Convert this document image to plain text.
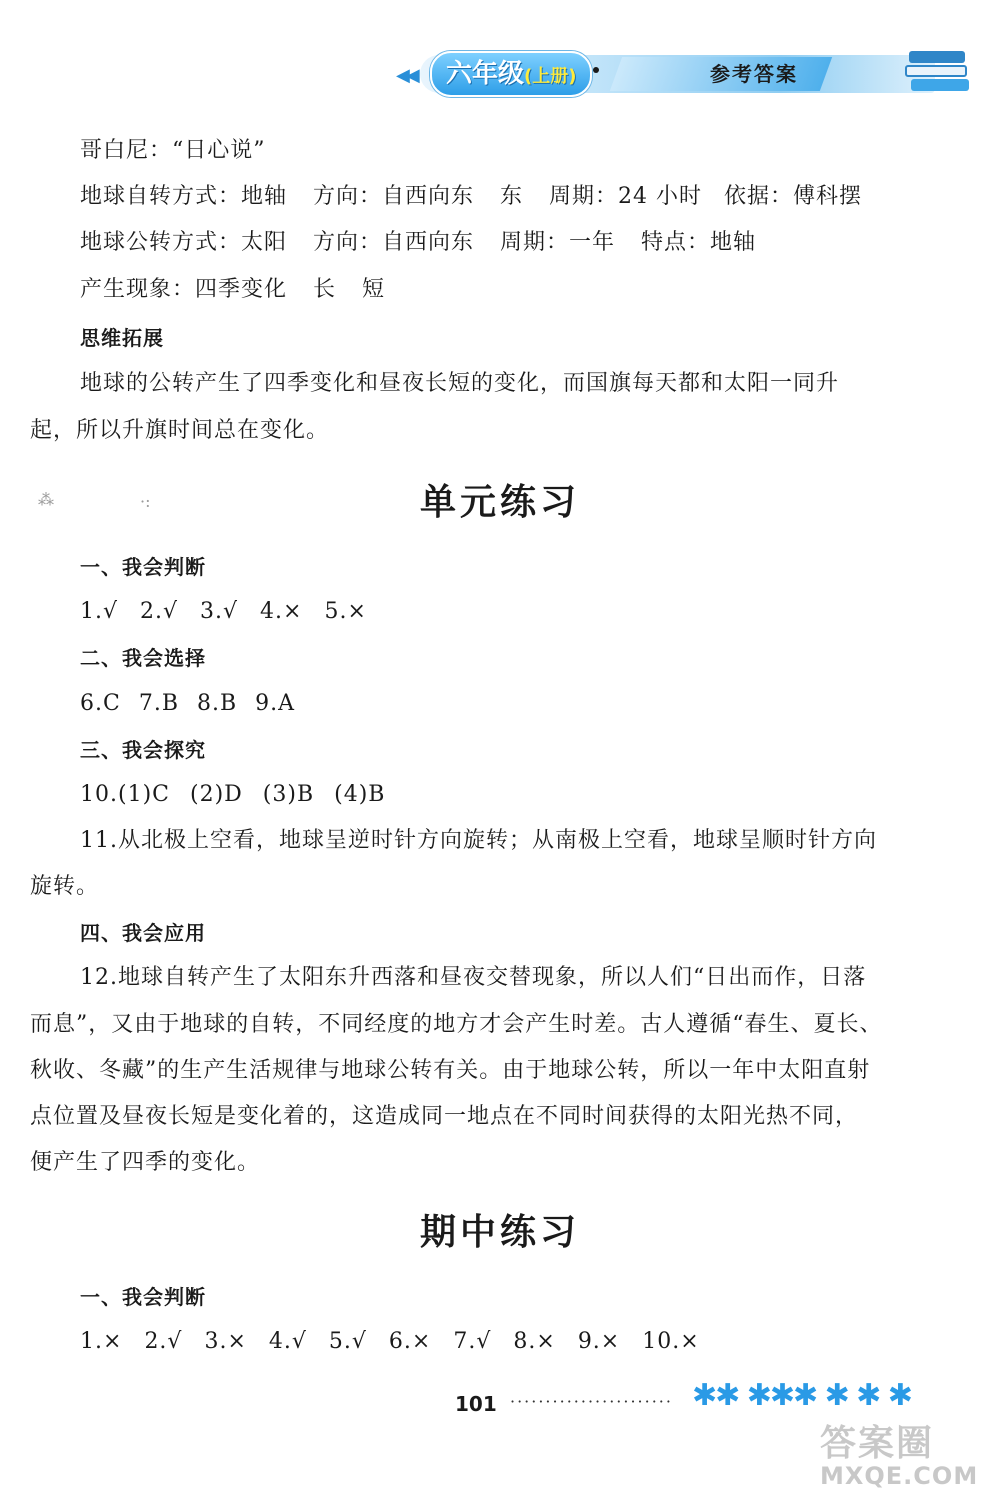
◀◀	六年级(上册)	参考答案
哥白尼：“日心说”
地球自转方式：地轴 方向：自西向东 东 周期：24 小时 依据：傅科摆
地球公转方式：太阳 方向：自西向东 周期：一年 特点：地轴
产生现象：四季变化 长 短
思维拓展
地球的公转产生了四季变化和昼夜长短的变化，而国旗每天都和太阳一同升
起，所以升旗时间总在变化。
⁂	·:	单元练习
一、我会判断
1.√ 2.√ 3.√ 4.× 5.×
二、我会选择
6.C 7.B 8.B 9.A
三、我会探究
10.(1)C (2)D (3)B (4)B
11.从北极上空看，地球呈逆时针方向旋转；从南极上空看，地球呈顺时针方向
旋转。
四、我会应用
12.地球自转产生了太阳东升西落和昼夜交替现象，所以人们“日出而作，日落
而息”，又由于地球的自转，不同经度的地方才会产生时差。古人遵循“春生、夏长、
秋收、冬藏”的生产生活规律与地球公转有关。由于地球公转，所以一年中太阳直射
点位置及昼夜长短是变化着的，这造成同一地点在不同时间获得的太阳光热不同，
便产生了四季的变化。
期中练习
一、我会判断
1.× 2.√ 3.× 4.√ 5.√ 6.× 7.√ 8.× 9.× 10.×
101 ······················· ✱✱ ✱✱✱ ✱ ✱ ✱
答案圈
MXQE.COM
